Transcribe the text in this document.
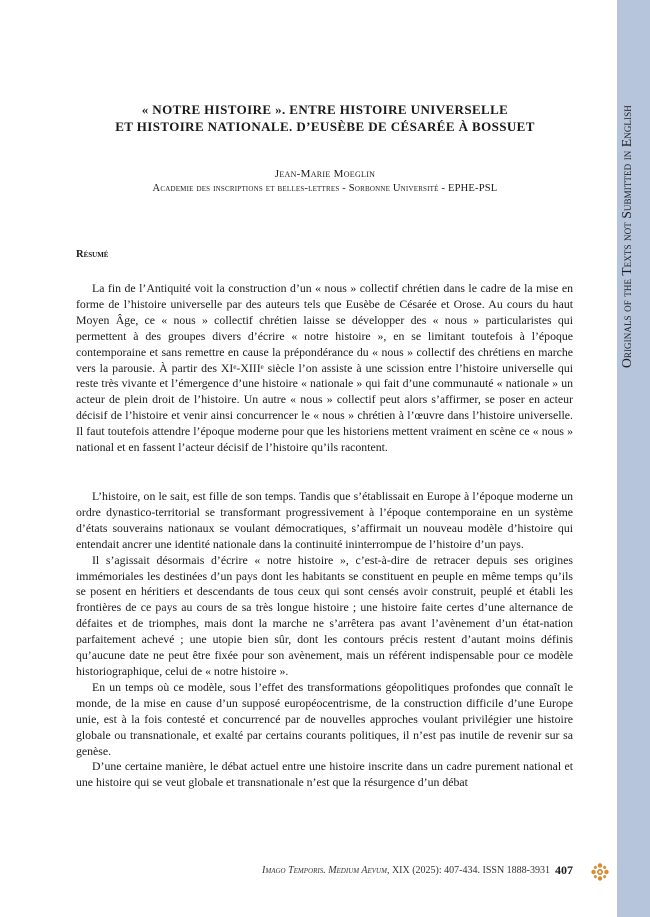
Originals of the Texts not Submitted in English
« NOTRE HISTOIRE ». ENTRE HISTOIRE UNIVERSELLE
ET HISTOIRE NATIONALE. D’EUSÈBE DE CÉSARÉE À BOSSUET
Jean-Marie Moeglin
Academie des inscriptions et belles-lettres - Sorbonne Université - EPHE-PSL
Résumé

La fin de l’Antiquité voit la construction d’un « nous » collectif chrétien dans le cadre de la mise en forme de l’histoire universelle par des auteurs tels que Eusèbe de Césarée et Orose. Au cours du haut Moyen Âge, ce « nous » collectif chrétien laisse se développer des « nous » particularistes qui permettent à des groupes divers d’écrire « notre histoire », en se limitant toutefois à l’époque contemporaine et sans remettre en cause la prépondérance du « nous » collectif des chrétiens en marche vers la parousie. À partir des XIᵉ-XIIIᵉ siècle l’on assiste à une scission entre l’histoire universelle qui reste très vivante et l’émergence d’une histoire « nationale » qui fait d’une communauté « nationale » un acteur de plein droit de l’histoire. Un autre « nous » collectif peut alors s’affirmer, se poser en acteur décisif de l’histoire et venir ainsi concurrencer le « nous » chrétien à l’œuvre dans l’histoire universelle. Il faut toutefois attendre l’époque moderne pour que les historiens mettent vraiment en scène ce « nous » national et en fassent l’acteur décisif de l’histoire qu’ils racontent.

L’histoire, on le sait, est fille de son temps. Tandis que s’établissait en Europe à l’époque moderne un ordre dynastico-territorial se transformant progressivement à l’époque contemporaine en un système d’états souverains nationaux se voulant démocratiques, s’affirmait un nouveau modèle d’histoire qui entendait ancrer une identité nationale dans la continuité ininterrompue de l’histoire d’un pays.

Il s’agissait désormais d’écrire « notre histoire », c’est-à-dire de retracer depuis ses origines immémoriales les destinées d’un pays dont les habitants se constituent en peuple en même temps qu’ils se posent en héritiers et descendants de tous ceux qui sont censés avoir construit, peuplé et établi les frontières de ce pays au cours de sa très longue histoire ; une histoire faite certes d’une alternance de défaites et de triomphes, mais dont la marche ne s’arrêtera pas avant l’avènement d’un état-nation parfaitement achevé ; une utopie bien sûr, dont les contours précis restent d’autant moins définis qu’aucune date ne peut être fixée pour son avènement, mais un référent indispensable pour ce modèle historiographique, celui de « notre histoire ».

En un temps où ce modèle, sous l’effet des transformations géopolitiques profondes que connaît le monde, de la mise en cause d’un supposé européocentrisme, de la construction difficile d’une Europe unie, est à la fois contesté et concurrencé par de nouvelles approches voulant privilégier une histoire globale ou transnationale, et exalté par certains courants politiques, il n’est pas inutile de revenir sur sa genèse.

D’une certaine manière, le débat actuel entre une histoire inscrite dans un cadre purement national et une histoire qui se veut globale et transnationale n’est que la résurgence d’un débat

Imago Temporis. Medium Aevum, XIX (2025): 407-434. ISSN 1888-3931 407
